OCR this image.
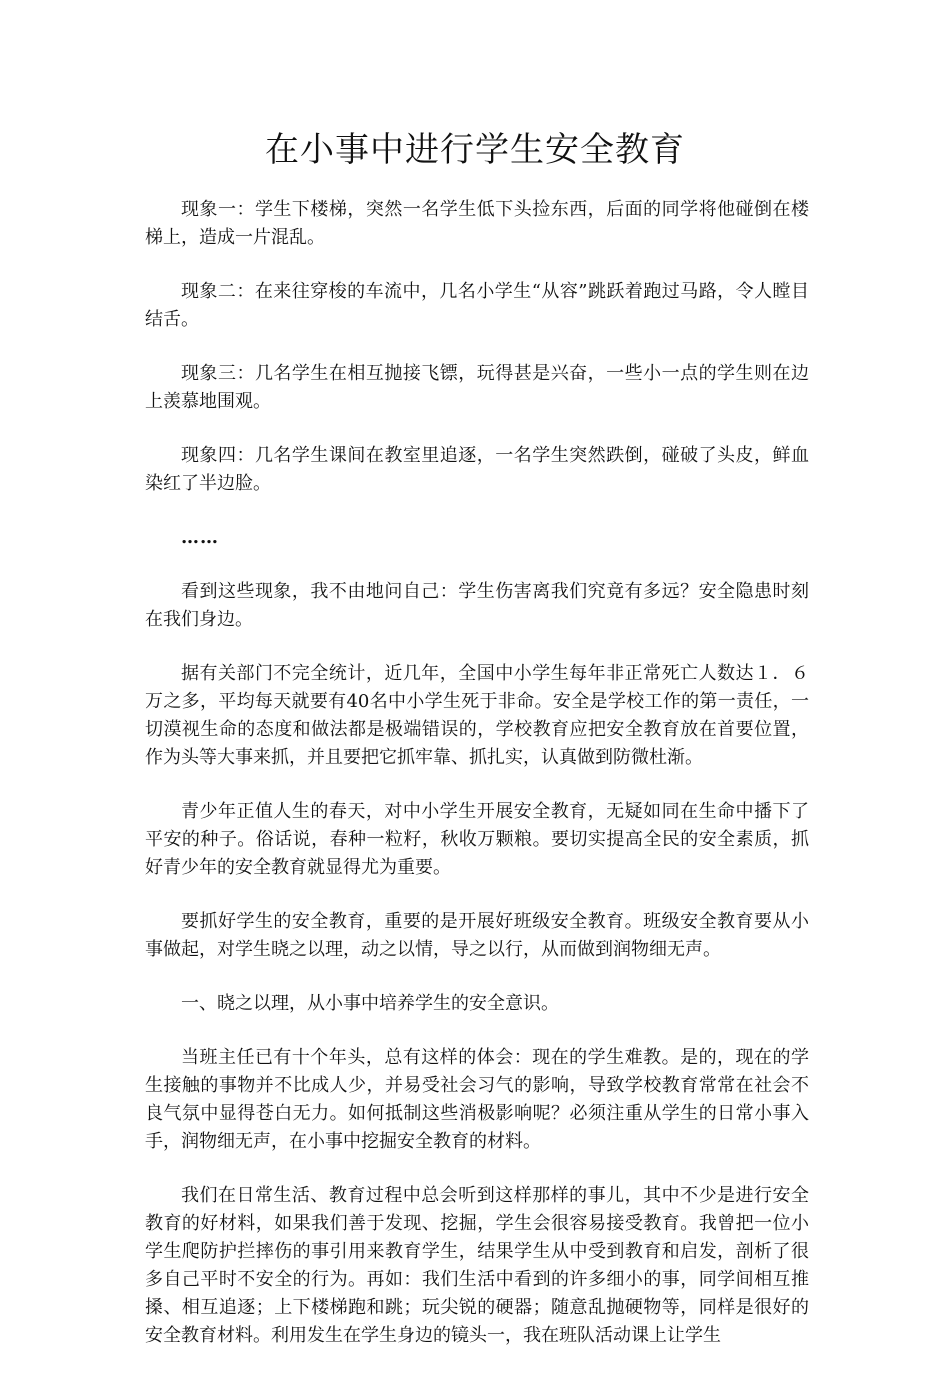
在小事中进行学生安全教育

现象一：学生下楼梯，突然一名学生低下头捡东西，后面的同学将他碰倒在楼梯上，造成一片混乱。

现象二：在来往穿梭的车流中，几名小学生“从容”跳跃着跑过马路，令人瞠目结舌。

现象三：几名学生在相互抛接飞镖，玩得甚是兴奋，一些小一点的学生则在边上羡慕地围观。

现象四：几名学生课间在教室里追逐，一名学生突然跌倒，碰破了头皮，鲜血染红了半边脸。

……

看到这些现象，我不由地问自己：学生伤害离我们究竟有多远？安全隐患时刻在我们身边。

据有关部门不完全统计，近几年，全国中小学生每年非正常死亡人数达１．６万之多，平均每天就要有40名中小学生死于非命。安全是学校工作的第一责任，一切漠视生命的态度和做法都是极端错误的，学校教育应把安全教育放在首要位置，作为头等大事来抓，并且要把它抓牢靠、抓扎实，认真做到防微杜渐。

青少年正值人生的春天，对中小学生开展安全教育，无疑如同在生命中播下了平安的种子。俗话说，春种一粒籽，秋收万颗粮。要切实提高全民的安全素质，抓好青少年的安全教育就显得尤为重要。

要抓好学生的安全教育，重要的是开展好班级安全教育。班级安全教育要从小事做起，对学生晓之以理，动之以情，导之以行，从而做到润物细无声。

一、晓之以理，从小事中培养学生的安全意识。

当班主任已有十个年头，总有这样的体会：现在的学生难教。是的，现在的学生接触的事物并不比成人少，并易受社会习气的影响，导致学校教育常常在社会不良气氛中显得苍白无力。如何抵制这些消极影响呢？必须注重从学生的日常小事入手，润物细无声，在小事中挖掘安全教育的材料。

我们在日常生活、教育过程中总会听到这样那样的事儿，其中不少是进行安全教育的好材料，如果我们善于发现、挖掘，学生会很容易接受教育。我曾把一位小学生爬防护拦摔伤的事引用来教育学生，结果学生从中受到教育和启发，剖析了很多自己平时不安全的行为。再如：我们生活中看到的许多细小的事，同学间相互推搡、相互追逐；上下楼梯跑和跳；玩尖锐的硬器；随意乱抛硬物等，同样是很好的安全教育材料。利用发生在学生身边的镜头一，我在班队活动课上让学生
